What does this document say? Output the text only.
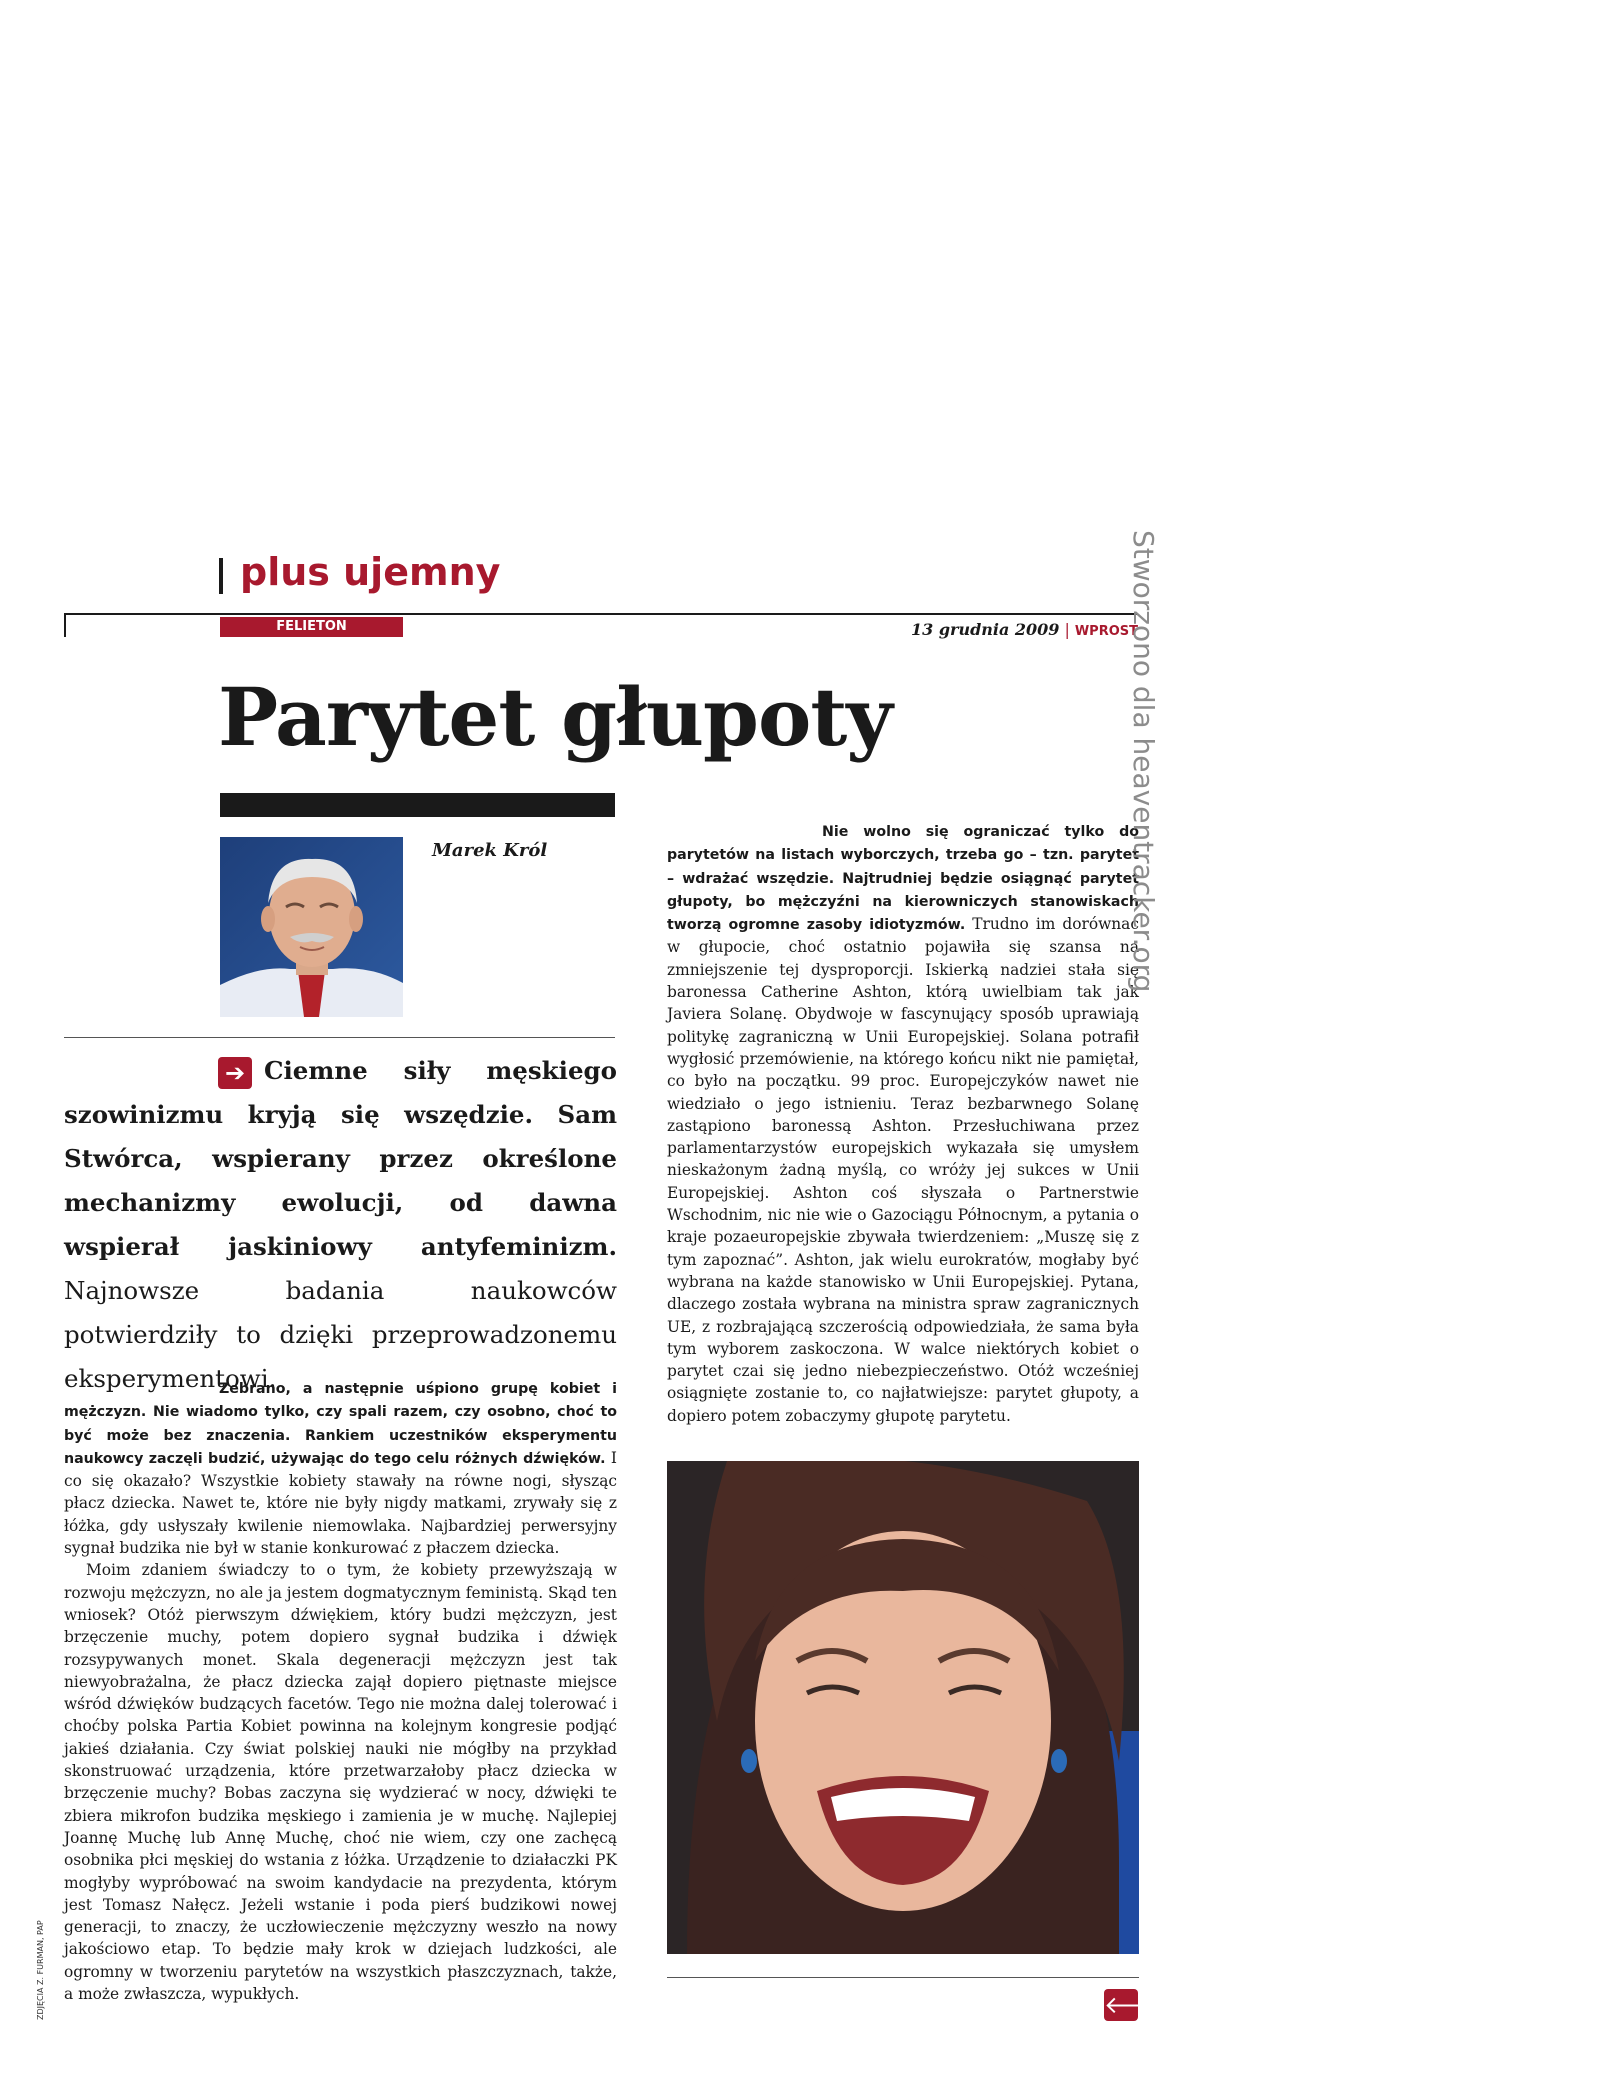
plus ujemny
FELIETON	13 grudnia 2009 | WPROST
Parytet głupoty
Marek Król
➔ Ciemne siły męskiego szowinizmu kryją się wszędzie. Sam Stwórca, wspierany przez określone mechanizmy ewolucji, od dawna wspierał jaskiniowy antyfeminizm. Najnowsze badania naukowców potwierdziły to dzięki przeprowadzonemu eksperymentowi.

Zebrano, a następnie uśpiono grupę kobiet i mężczyzn. Nie wiadomo tylko, czy spali razem, czy osobno, choć to być może bez znaczenia. Rankiem uczestników eksperymentu naukowcy zaczęli budzić, używając do tego celu różnych dźwięków. I co się okazało? Wszystkie kobiety stawały na równe nogi, słysząc płacz dziecka. Nawet te, które nie były nigdy matkami, zrywały się z łóżka, gdy usłyszały kwilenie niemowlaka. Najbardziej perwersyjny sygnał budzika nie był w stanie konkurować z płaczem dziecka.

Moim zdaniem świadczy to o tym, że kobiety przewyższają w rozwoju mężczyzn, no ale ja jestem dogmatycznym feministą. Skąd ten wniosek? Otóż pierwszym dźwiękiem, który budzi mężczyzn, jest brzęczenie muchy, potem dopiero sygnał budzika i dźwięk rozsypywanych monet. Skala degeneracji mężczyzn jest tak niewyobrażalna, że płacz dziecka zajął dopiero piętnaste miejsce wśród dźwięków budzących facetów. Tego nie można dalej tolerować i choćby polska Partia Kobiet powinna na kolejnym kongresie podjąć jakieś działania. Czy świat polskiej nauki nie mógłby na przykład skonstruować urządzenia, które przetwarzałoby płacz dziecka w brzęczenie muchy? Bobas zaczyna się wydzierać w nocy, dźwięki te zbiera mikrofon budzika męskiego i zamienia je w muchę. Najlepiej Joannę Muchę lub Annę Muchę, choć nie wiem, czy one zachęcą osobnika płci męskiej do wstania z łóżka. Urządzenie to działaczki PK mogłyby wypróbować na swoim kandydacie na prezydenta, którym jest Tomasz Nałęcz. Jeżeli wstanie i poda pierś budzikowi nowej generacji, to znaczy, że uczłowieczenie mężczyzny weszło na nowy jakościowo etap. To będzie mały krok w dziejach ludzkości, ale ogromny w tworzeniu parytetów na wszystkich płaszczyznach, także, a może zwłaszcza, wypukłych.

Nie wolno się ograniczać tylko do parytetów na listach wyborczych, trzeba go – tzn. parytet – wdrażać wszędzie. Najtrudniej będzie osiągnąć parytet głupoty, bo mężczyźni na kierowniczych stanowiskach tworzą ogromne zasoby idiotyzmów. Trudno im dorównać w głupocie, choć ostatnio pojawiła się szansa na zmniejszenie tej dysproporcji. Iskierką nadziei stała się baronessa Catherine Ashton, którą uwielbiam tak jak Javiera Solanę. Obydwoje w fascynujący sposób uprawiają politykę zagraniczną w Unii Europejskiej. Solana potrafił wygłosić przemówienie, na którego końcu nikt nie pamiętał, co było na początku. 99 proc. Europejczyków nawet nie wiedziało o jego istnieniu. Teraz bezbarwnego Solanę zastąpiono baronessą Ashton. Przesłuchiwana przez parlamentarzystów europejskich wykazała się umysłem nieskażonym żadną myślą, co wróży jej sukces w Unii Europejskiej. Ashton coś słyszała o Partnerstwie Wschodnim, nic nie wie o Gazociągu Północnym, a pytania o kraje pozaeuropejskie zbywała twierdzeniem: „Muszę się z tym zapoznać”. Ashton, jak wielu eurokratów, mogłaby być wybrana na każde stanowisko w Unii Europejskiej. Pytana, dlaczego została wybrana na ministra spraw zagranicznych UE, z rozbrajającą szczerością odpowiedziała, że sama była tym wyborem zaskoczona. W walce niektórych kobiet o parytet czai się jedno niebezpieczeństwo. Otóż wcześniej osiągnięte zostanie to, co najłatwiejsze: parytet głupoty, a dopiero potem zobaczymy głupotę parytetu.

🡐
Stworzono dla heaventracker.org
ZDJĘCIA Z. FURMAN, PAP
